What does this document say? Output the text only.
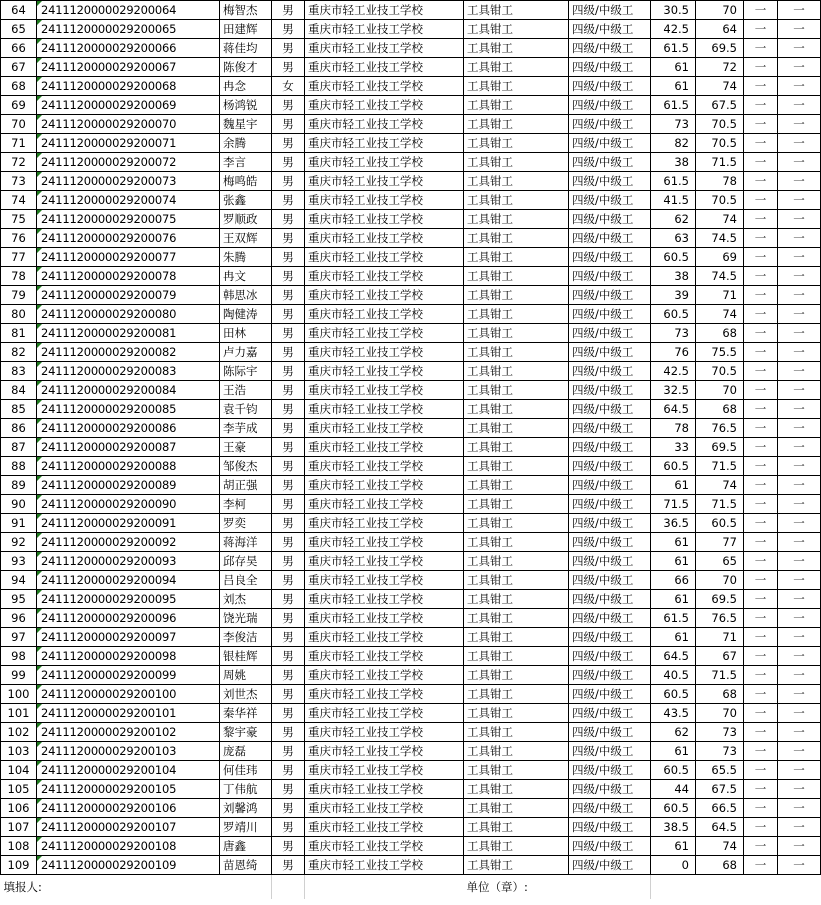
64	2411120000029200064	梅智杰	男	重庆市轻工业技工学校	工具钳工	四级/中级工	30.5	70	一	一
65	2411120000029200065	田建辉	男	重庆市轻工业技工学校	工具钳工	四级/中级工	42.5	64	一	一
66	2411120000029200066	蒋佳均	男	重庆市轻工业技工学校	工具钳工	四级/中级工	61.5	69.5	一	一
67	2411120000029200067	陈俊才	男	重庆市轻工业技工学校	工具钳工	四级/中级工	61	72	一	一
68	2411120000029200068	冉念	女	重庆市轻工业技工学校	工具钳工	四级/中级工	61	74	一	一
69	2411120000029200069	杨鸿锐	男	重庆市轻工业技工学校	工具钳工	四级/中级工	61.5	67.5	一	一
70	2411120000029200070	魏星宇	男	重庆市轻工业技工学校	工具钳工	四级/中级工	73	70.5	一	一
71	2411120000029200071	余腾	男	重庆市轻工业技工学校	工具钳工	四级/中级工	82	70.5	一	一
72	2411120000029200072	李言	男	重庆市轻工业技工学校	工具钳工	四级/中级工	38	71.5	一	一
73	2411120000029200073	梅鸣皓	男	重庆市轻工业技工学校	工具钳工	四级/中级工	61.5	78	一	一
74	2411120000029200074	张鑫	男	重庆市轻工业技工学校	工具钳工	四级/中级工	41.5	70.5	一	一
75	2411120000029200075	罗顺政	男	重庆市轻工业技工学校	工具钳工	四级/中级工	62	74	一	一
76	2411120000029200076	王双辉	男	重庆市轻工业技工学校	工具钳工	四级/中级工	63	74.5	一	一
77	2411120000029200077	朱腾	男	重庆市轻工业技工学校	工具钳工	四级/中级工	60.5	69	一	一
78	2411120000029200078	冉文	男	重庆市轻工业技工学校	工具钳工	四级/中级工	38	74.5	一	一
79	2411120000029200079	韩思冰	男	重庆市轻工业技工学校	工具钳工	四级/中级工	39	71	一	一
80	2411120000029200080	陶健涛	男	重庆市轻工业技工学校	工具钳工	四级/中级工	60.5	74	一	一
81	2411120000029200081	田林	男	重庆市轻工业技工学校	工具钳工	四级/中级工	73	68	一	一
82	2411120000029200082	卢力嘉	男	重庆市轻工业技工学校	工具钳工	四级/中级工	76	75.5	一	一
83	2411120000029200083	陈际宇	男	重庆市轻工业技工学校	工具钳工	四级/中级工	42.5	70.5	一	一
84	2411120000029200084	王浩	男	重庆市轻工业技工学校	工具钳工	四级/中级工	32.5	70	一	一
85	2411120000029200085	袁千钧	男	重庆市轻工业技工学校	工具钳工	四级/中级工	64.5	68	一	一
86	2411120000029200086	李芋成	男	重庆市轻工业技工学校	工具钳工	四级/中级工	78	76.5	一	一
87	2411120000029200087	王豪	男	重庆市轻工业技工学校	工具钳工	四级/中级工	33	69.5	一	一
88	2411120000029200088	邹俊杰	男	重庆市轻工业技工学校	工具钳工	四级/中级工	60.5	71.5	一	一
89	2411120000029200089	胡正强	男	重庆市轻工业技工学校	工具钳工	四级/中级工	61	74	一	一
90	2411120000029200090	李柯	男	重庆市轻工业技工学校	工具钳工	四级/中级工	71.5	71.5	一	一
91	2411120000029200091	罗奕	男	重庆市轻工业技工学校	工具钳工	四级/中级工	36.5	60.5	一	一
92	2411120000029200092	蒋海洋	男	重庆市轻工业技工学校	工具钳工	四级/中级工	61	77	一	一
93	2411120000029200093	邱存昊	男	重庆市轻工业技工学校	工具钳工	四级/中级工	61	65	一	一
94	2411120000029200094	吕良全	男	重庆市轻工业技工学校	工具钳工	四级/中级工	66	70	一	一
95	2411120000029200095	刘杰	男	重庆市轻工业技工学校	工具钳工	四级/中级工	61	69.5	一	一
96	2411120000029200096	饶光瑞	男	重庆市轻工业技工学校	工具钳工	四级/中级工	61.5	76.5	一	一
97	2411120000029200097	李俊洁	男	重庆市轻工业技工学校	工具钳工	四级/中级工	61	71	一	一
98	2411120000029200098	银桂辉	男	重庆市轻工业技工学校	工具钳工	四级/中级工	64.5	67	一	一
99	2411120000029200099	周姚	男	重庆市轻工业技工学校	工具钳工	四级/中级工	40.5	71.5	一	一
100	2411120000029200100	刘世杰	男	重庆市轻工业技工学校	工具钳工	四级/中级工	60.5	68	一	一
101	2411120000029200101	秦华祥	男	重庆市轻工业技工学校	工具钳工	四级/中级工	43.5	70	一	一
102	2411120000029200102	黎宇豪	男	重庆市轻工业技工学校	工具钳工	四级/中级工	62	73	一	一
103	2411120000029200103	庞磊	男	重庆市轻工业技工学校	工具钳工	四级/中级工	61	73	一	一
104	2411120000029200104	何佳玮	男	重庆市轻工业技工学校	工具钳工	四级/中级工	60.5	65.5	一	一
105	2411120000029200105	丁伟航	男	重庆市轻工业技工学校	工具钳工	四级/中级工	44	67.5	一	一
106	2411120000029200106	刘馨鸿	男	重庆市轻工业技工学校	工具钳工	四级/中级工	60.5	66.5	一	一
107	2411120000029200107	罗靖川	男	重庆市轻工业技工学校	工具钳工	四级/中级工	38.5	64.5	一	一
108	2411120000029200108	唐鑫	男	重庆市轻工业技工学校	工具钳工	四级/中级工	61	74	一	一
109	2411120000029200109	苗恩绮	男	重庆市轻工业技工学校	工具钳工	四级/中级工	0	68	一	一
填报人:					单位（章）:					
